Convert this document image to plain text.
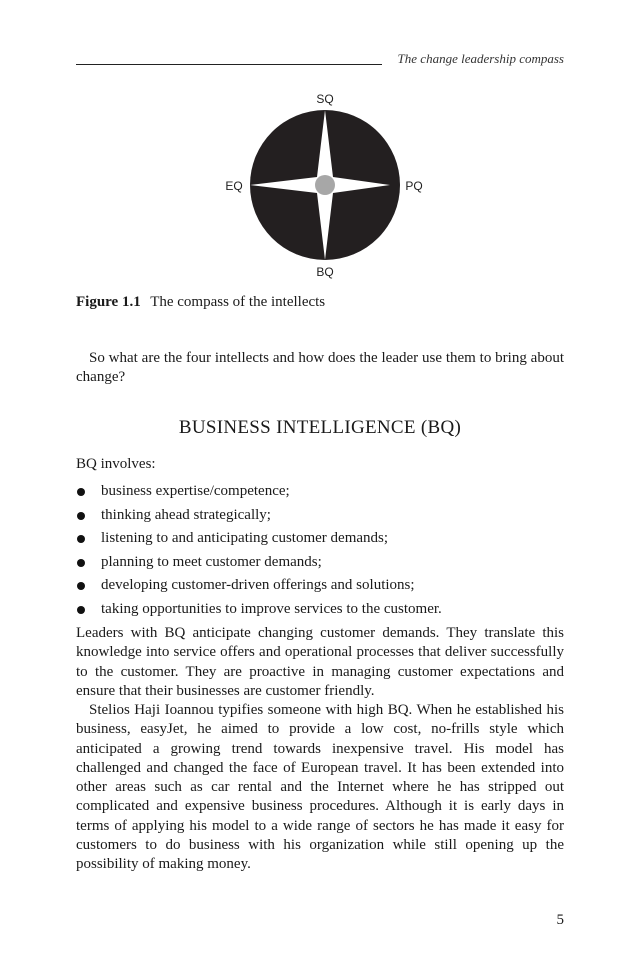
The change leadership compass
SQ
EQ	PQ
BQ
Figure 1.1 The compass of the intellects
So what are the four intellects and how does the leader use them to bring about change?
BUSINESS INTELLIGENCE (BQ)
BQ involves:
business expertise/competence;
thinking ahead strategically;
listening to and anticipating customer demands;
planning to meet customer demands;
developing customer-driven offerings and solutions;
taking opportunities to improve services to the customer.
Leaders with BQ anticipate changing customer demands. They translate this knowledge into service offers and operational processes that deliver successfully to the customer. They are proactive in managing customer expectations and ensure that their businesses are customer friendly.
Stelios Haji Ioannou typifies someone with high BQ. When he established his business, easyJet, he aimed to provide a low cost, no-frills style which anticipated a growing trend towards inexpensive travel. His model has challenged and changed the face of European travel. It has been extended into other areas such as car rental and the Internet where he has stripped out complicated and expensive business procedures. Although it is early days in terms of applying his model to a wide range of sectors he has made it easy for customers to do business with his organization while still opening up the possibility of making money.
5
